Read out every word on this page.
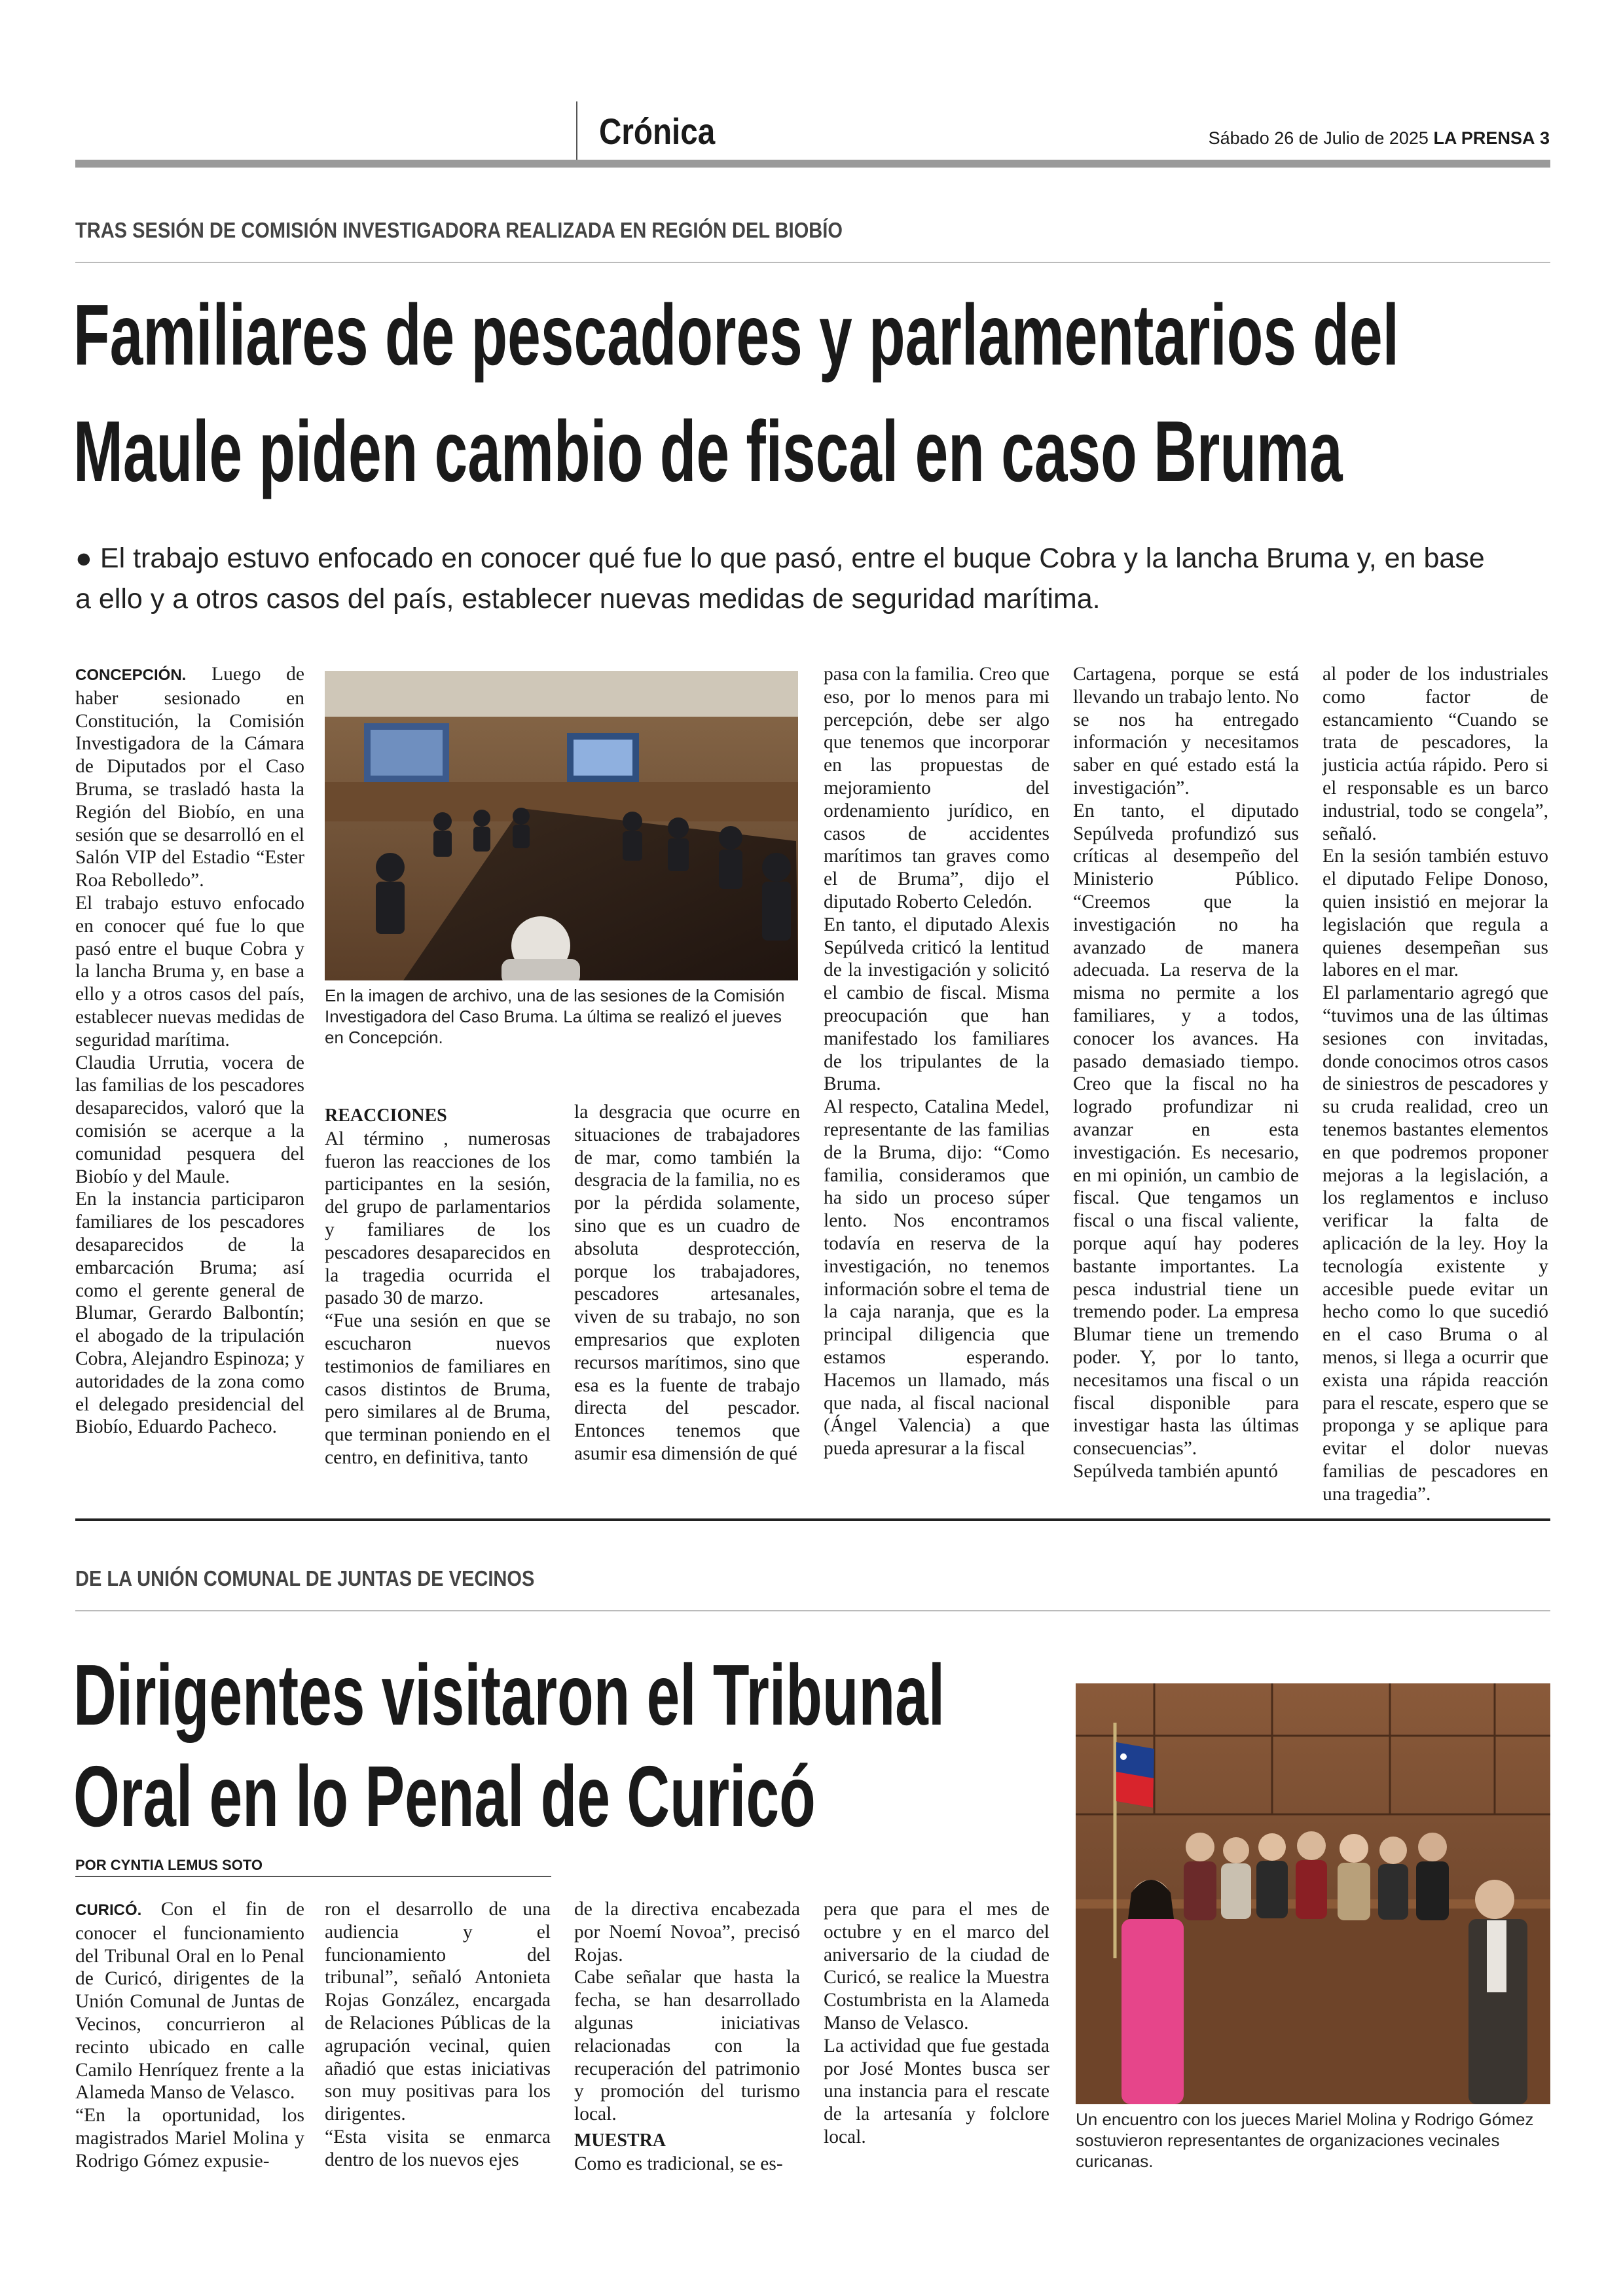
Crónica	Sábado 26 de Julio de 2025 LA PRENSA 3
TRAS SESIÓN DE COMISIÓN INVESTIGADORA REALIZADA EN REGIÓN DEL BIOBÍO
Familiares de pescadores y parlamentarios del
Maule piden cambio de fiscal en caso Bruma
● El trabajo estuvo enfocado en conocer qué fue lo que pasó, entre el buque Cobra y la lancha Bruma y, en base
a ello y a otros casos del país, establecer nuevas medidas de seguridad marítima.
En la imagen de archivo, una de las sesiones de la Comisión Investigadora del Caso Bruma. La última se realizó el jueves en Concepción.

CONCEPCIÓN. Luego de haber sesionado en Constitución, la Comisión Investigadora de la Cámara de Diputados por el Caso Bruma, se trasladó hasta la Región del Biobío, en una sesión que se desarrolló en el Salón VIP del Estadio “Ester Roa Rebolledo”.

El trabajo estuvo enfocado en conocer qué fue lo que pasó entre el buque Cobra y la lancha Bruma y, en base a ello y a otros casos del país, establecer nuevas medidas de seguridad marítima.

Claudia Urrutia, vocera de las familias de los pescadores desaparecidos, valoró que la comisión se acerque a la comunidad pesquera del Biobío y del Maule.

En la instancia participaron familiares de los pescadores desaparecidos de la embarcación Bruma; así como el gerente general de Blumar, Gerardo Balbontín; el abogado de la tripulación Cobra, Alejandro Espinoza; y autoridades de la zona como el delegado presidencial del Biobío, Eduardo Pacheco.

REACCIONES

Al término , numerosas fueron las reacciones de los participantes en la sesión, del grupo de parlamentarios y familiares de los pescadores desaparecidos en la tragedia ocurrida el pasado 30 de marzo.

“Fue una sesión en que se escucharon nuevos testimonios de familiares en casos distintos de Bruma, pero similares al de Bruma, que terminan poniendo en el centro, en definitiva, tanto

la desgracia que ocurre en situaciones de trabajadores de mar, como también la desgracia de la familia, no es por la pérdida solamente, sino que es un cuadro de absoluta desprotección, porque los trabajadores, pescadores artesanales, viven de su trabajo, no son empresarios que exploten recursos marítimos, sino que esa es la fuente de trabajo directa del pescador. Entonces tenemos que asumir esa dimensión de qué

pasa con la familia. Creo que eso, por lo menos para mi percepción, debe ser algo que tenemos que incorporar en las propuestas de mejoramiento del ordenamiento jurídico, en casos de accidentes marítimos tan graves como el de Bruma”, dijo el diputado Roberto Celedón.

En tanto, el diputado Alexis Sepúlveda criticó la lentitud de la investigación y solicitó el cambio de fiscal. Misma preocupación que han manifestado los familiares de los tripulantes de la Bruma.

Al respecto, Catalina Medel, representante de las familias de la Bruma, dijo: “Como familia, consideramos que ha sido un proceso súper lento. Nos encontramos todavía en reserva de la investigación, no tenemos información sobre el tema de la caja naranja, que es la principal diligencia que estamos esperando. Hacemos un llamado, más que nada, al fiscal nacional (Ángel Valencia) a que pueda apresurar a la fiscal

Cartagena, porque se está llevando un trabajo lento. No se nos ha entregado información y necesitamos saber en qué estado está la investigación”.

En tanto, el diputado Sepúlveda profundizó sus críticas al desempeño del Ministerio Público. “Creemos que la investigación no ha avanzado de manera adecuada. La reserva de la misma no permite a los familiares, y a todos, conocer los avances. Ha pasado demasiado tiempo. Creo que la fiscal no ha logrado profundizar ni avanzar en esta investigación. Es necesario, en mi opinión, un cambio de fiscal. Que tengamos un fiscal o una fiscal valiente, porque aquí hay poderes bastante importantes. La pesca industrial tiene un tremendo poder. La empresa Blumar tiene un tremendo poder. Y, por lo tanto, necesitamos una fiscal o un fiscal disponible para investigar hasta las últimas consecuencias”.

Sepúlveda también apuntó

al poder de los industriales como factor de estancamiento “Cuando se trata de pescadores, la justicia actúa rápido. Pero si el responsable es un barco industrial, todo se congela”, señaló.

En la sesión también estuvo el diputado Felipe Donoso, quien insistió en mejorar la legislación que regula a quienes desempeñan sus labores en el mar.

El parlamentario agregó que “tuvimos una de las últimas sesiones con invitadas, donde conocimos otros casos de siniestros de pescadores y su cruda realidad, creo un tenemos bastantes elementos en que podremos proponer mejoras a la legislación, a los reglamentos e incluso verificar la falta de aplicación de la ley. Hoy la tecnología existente y accesible puede evitar un hecho como lo que sucedió en el caso Bruma o al menos, si llega a ocurrir que exista una rápida reacción para el rescate, espero que se proponga y se aplique para evitar el dolor nuevas familias de pescadores en una tragedia”.

DE LA UNIÓN COMUNAL DE JUNTAS DE VECINOS
Dirigentes visitaron el Tribunal
Oral en lo Penal de Curicó
POR CYNTIA LEMUS SOTO

CURICÓ. Con el fin de conocer el funcionamiento del Tribunal Oral en lo Penal de Curicó, dirigentes de la Unión Comunal de Juntas de Vecinos, concurrieron al recinto ubicado en calle Camilo Henríquez frente a la Alameda Manso de Velasco.

“En la oportunidad, los magistrados Mariel Molina y Rodrigo Gómez expusie-

ron el desarrollo de una audiencia y el funcionamiento del tribunal”, señaló Antonieta Rojas González, encargada de Relaciones Públicas de la agrupación vecinal, quien añadió que estas iniciativas son muy positivas para los dirigentes.

“Esta visita se enmarca dentro de los nuevos ejes

de la directiva encabezada por Noemí Novoa”, precisó Rojas.

Cabe señalar que hasta la fecha, se han desarrollado algunas iniciativas relacionadas con la recuperación del patrimonio y promoción del turismo local.

MUESTRA

Como es tradicional, se es-

pera que para el mes de octubre y en el marco del aniversario de la ciudad de Curicó, se realice la Muestra Costumbrista en la Alameda Manso de Velasco.

La actividad que fue gestada por José Montes busca ser una instancia para el rescate de la artesanía y folclore local.

Un encuentro con los jueces Mariel Molina y Rodrigo Gómez sostuvieron representantes de organizaciones vecinales curicanas.
